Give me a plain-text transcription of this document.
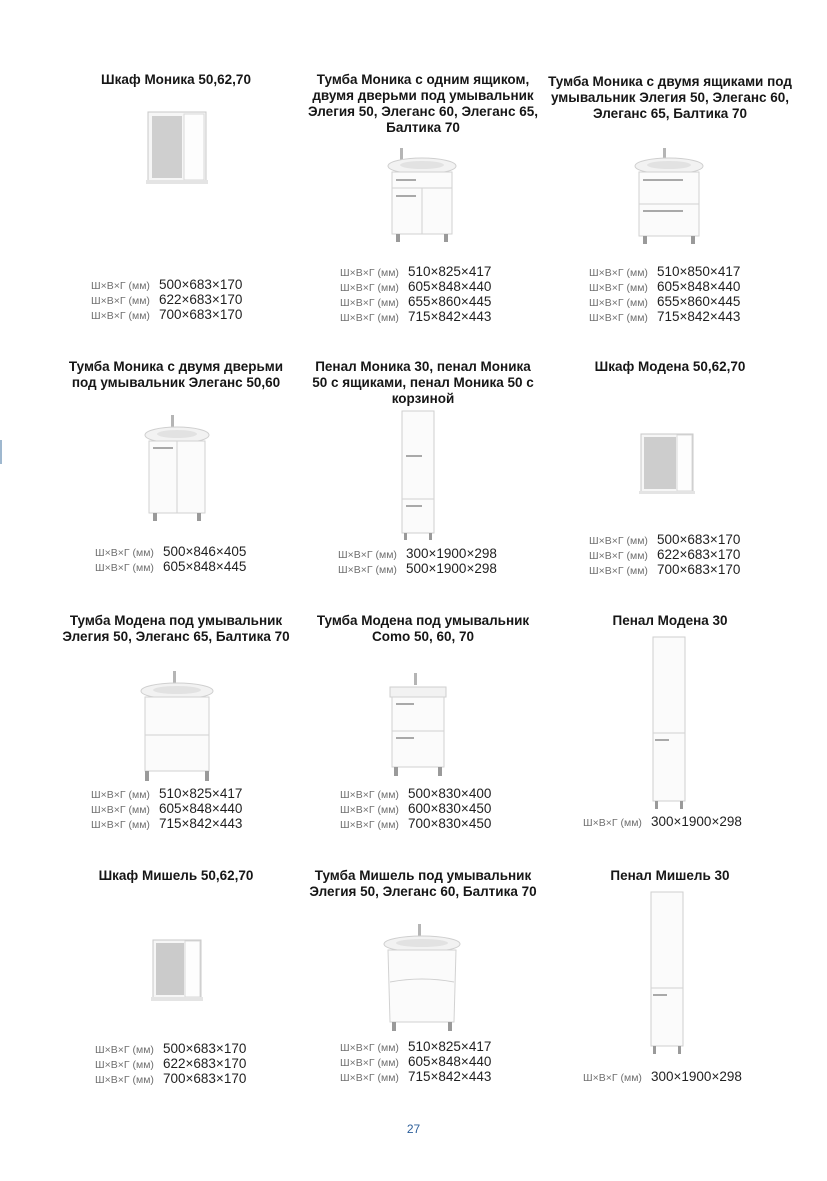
Шкаф Моника 50,62,70
Ш×В×Г (мм) 500×683×170
Ш×В×Г (мм) 622×683×170
Ш×В×Г (мм) 700×683×170
Тумба Моника с одним ящиком, двумя дверьми под умывальник Элегия 50, Элеганс 60, Элеганс 65, Балтика 70
Ш×В×Г (мм) 510×825×417
Ш×В×Г (мм) 605×848×440
Ш×В×Г (мм) 655×860×445
Ш×В×Г (мм) 715×842×443
Тумба Моника с двумя ящиками под умывальник Элегия 50, Элеганс 60, Элеганс 65, Балтика 70
Ш×В×Г (мм) 510×850×417
Ш×В×Г (мм) 605×848×440
Ш×В×Г (мм) 655×860×445
Ш×В×Г (мм) 715×842×443
Тумба Моника с двумя дверьми под умывальник Элеганс 50,60
Ш×В×Г (мм) 500×846×405
Ш×В×Г (мм) 605×848×445
Пенал Моника 30, пенал Моника 50 с ящиками, пенал Моника 50 с корзиной
Ш×В×Г (мм) 300×1900×298
Ш×В×Г (мм) 500×1900×298
Шкаф Модена 50,62,70
Ш×В×Г (мм) 500×683×170
Ш×В×Г (мм) 622×683×170
Ш×В×Г (мм) 700×683×170
Тумба Модена под умывальник Элегия 50, Элеганс 65, Балтика 70
Ш×В×Г (мм) 510×825×417
Ш×В×Г (мм) 605×848×440
Ш×В×Г (мм) 715×842×443
Тумба Модена под умывальник Como 50, 60, 70
Ш×В×Г (мм) 500×830×400
Ш×В×Г (мм) 600×830×450
Ш×В×Г (мм) 700×830×450
Пенал Модена 30
Ш×В×Г (мм) 300×1900×298
Шкаф Мишель 50,62,70
Ш×В×Г (мм) 500×683×170
Ш×В×Г (мм) 622×683×170
Ш×В×Г (мм) 700×683×170
Тумба Мишель под умывальник Элегия 50, Элеганс 60, Балтика 70
Ш×В×Г (мм) 510×825×417
Ш×В×Г (мм) 605×848×440
Ш×В×Г (мм) 715×842×443
Пенал Мишель 30
Ш×В×Г (мм) 300×1900×298
27
